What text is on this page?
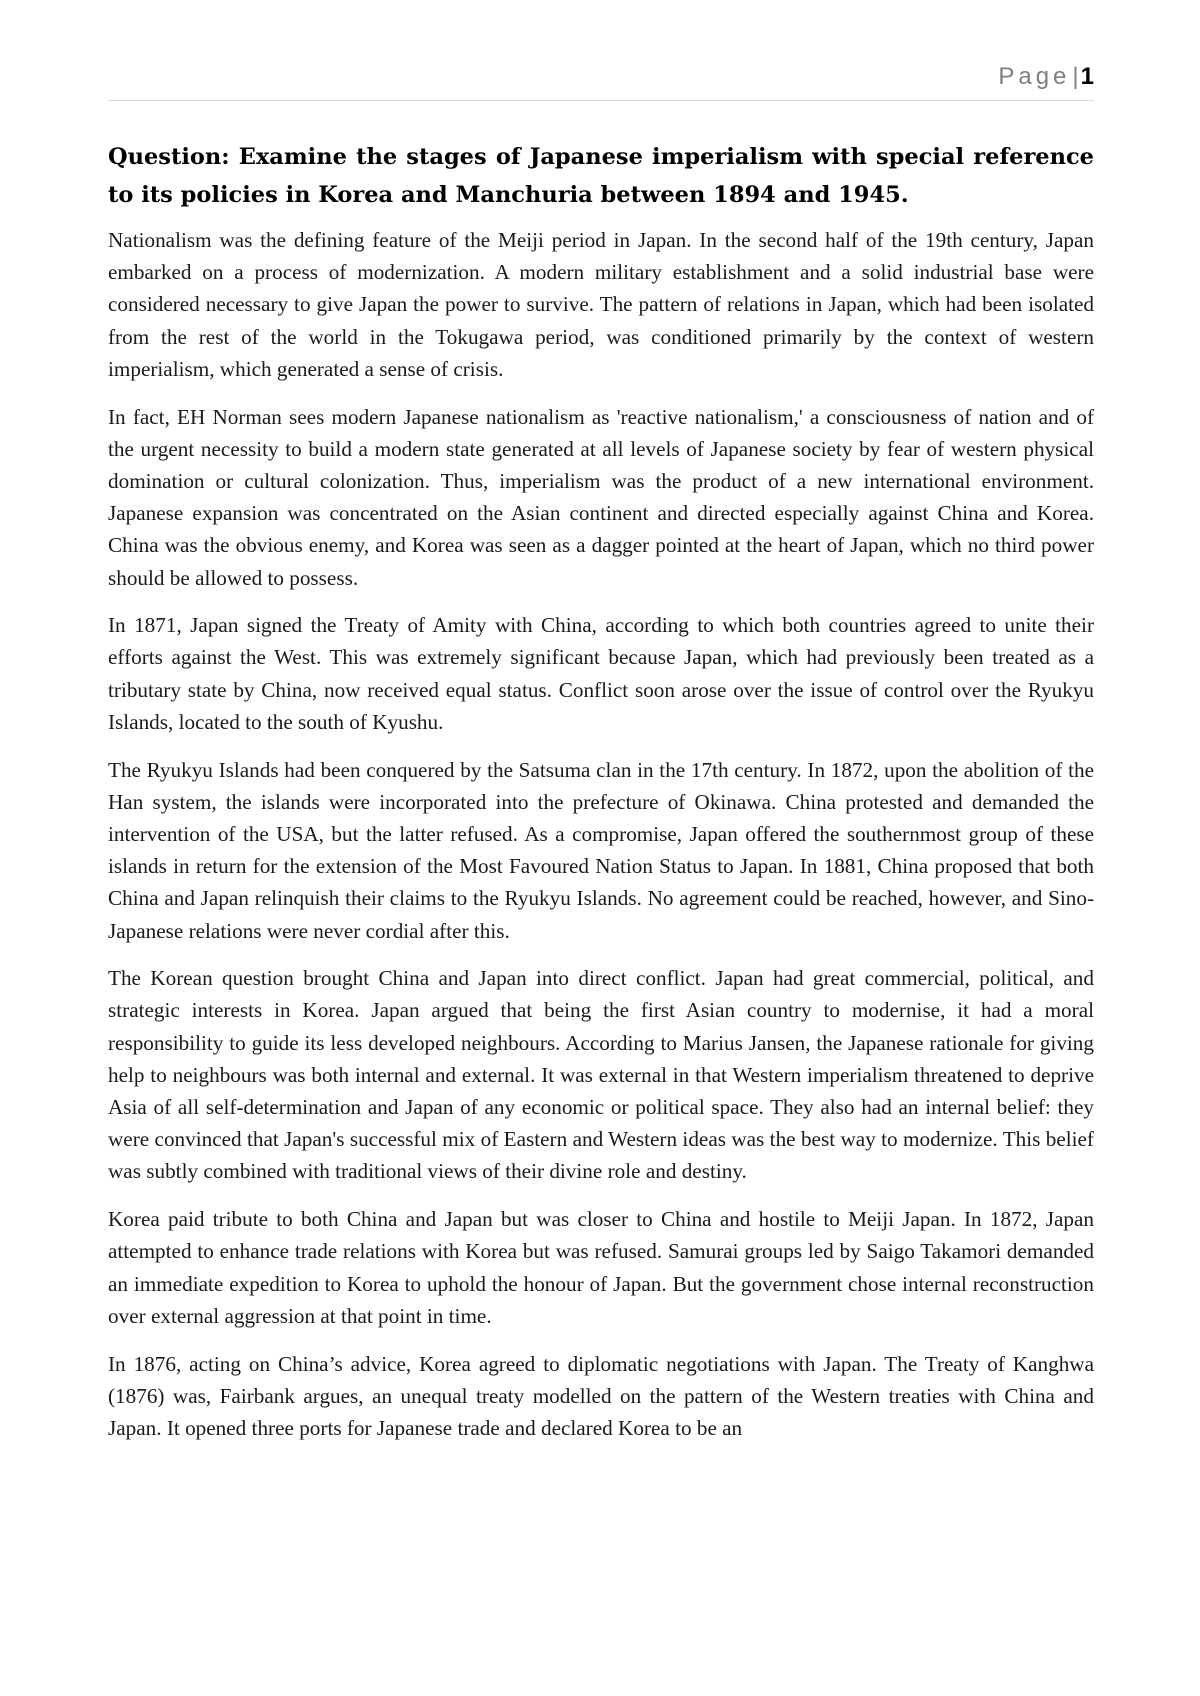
Page|1

Question: Examine the stages of Japanese imperialism with special reference to its policies in Korea and Manchuria between 1894 and 1945.

Nationalism was the defining feature of the Meiji period in Japan. In the second half of the 19th century, Japan embarked on a process of modernization. A modern military establishment and a solid industrial base were considered necessary to give Japan the power to survive. The pattern of relations in Japan, which had been isolated from the rest of the world in the Tokugawa period, was conditioned primarily by the context of western imperialism, which generated a sense of crisis.

In fact, EH Norman sees modern Japanese nationalism as 'reactive nationalism,' a consciousness of nation and of the urgent necessity to build a modern state generated at all levels of Japanese society by fear of western physical domination or cultural colonization. Thus, imperialism was the product of a new international environment. Japanese expansion was concentrated on the Asian continent and directed especially against China and Korea. China was the obvious enemy, and Korea was seen as a dagger pointed at the heart of Japan, which no third power should be allowed to possess.

In 1871, Japan signed the Treaty of Amity with China, according to which both countries agreed to unite their efforts against the West. This was extremely significant because Japan, which had previously been treated as a tributary state by China, now received equal status. Conflict soon arose over the issue of control over the Ryukyu Islands, located to the south of Kyushu.

The Ryukyu Islands had been conquered by the Satsuma clan in the 17th century. In 1872, upon the abolition of the Han system, the islands were incorporated into the prefecture of Okinawa. China protested and demanded the intervention of the USA, but the latter refused. As a compromise, Japan offered the southernmost group of these islands in return for the extension of the Most Favoured Nation Status to Japan. In 1881, China proposed that both China and Japan relinquish their claims to the Ryukyu Islands. No agreement could be reached, however, and Sino-Japanese relations were never cordial after this.

The Korean question brought China and Japan into direct conflict. Japan had great commercial, political, and strategic interests in Korea. Japan argued that being the first Asian country to modernise, it had a moral responsibility to guide its less developed neighbours. According to Marius Jansen, the Japanese rationale for giving help to neighbours was both internal and external. It was external in that Western imperialism threatened to deprive Asia of all self-determination and Japan of any economic or political space. They also had an internal belief: they were convinced that Japan's successful mix of Eastern and Western ideas was the best way to modernize. This belief was subtly combined with traditional views of their divine role and destiny.

Korea paid tribute to both China and Japan but was closer to China and hostile to Meiji Japan. In 1872, Japan attempted to enhance trade relations with Korea but was refused. Samurai groups led by Saigo Takamori demanded an immediate expedition to Korea to uphold the honour of Japan. But the government chose internal reconstruction over external aggression at that point in time.

In 1876, acting on China’s advice, Korea agreed to diplomatic negotiations with Japan. The Treaty of Kanghwa (1876) was, Fairbank argues, an unequal treaty modelled on the pattern of the Western treaties with China and Japan. It opened three ports for Japanese trade and declared Korea to be an
